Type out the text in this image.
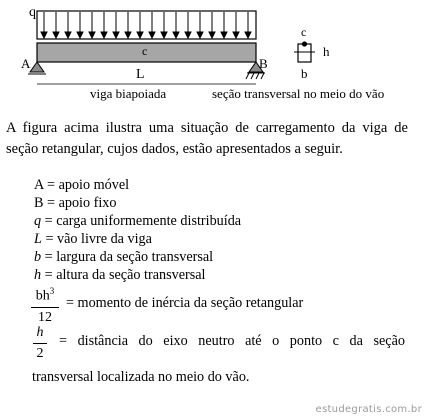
q
c
A	B
L
c
h
b
viga biapoiada	seção transversal no meio do vão
A figura acima ilustra uma situação de carregamento da viga de seção retangular, cujos dados, estão apresentados a seguir.
A = apoio móvel
B = apoio fixo
q = carga uniformemente distribuída
L = vão livre da viga
b = largura da seção transversal
h = altura da seção transversal
$bh^3$
12
= momento de inércia da seção retangular
h
2
= distância do eixo neutro até o ponto c da seção
transversal localizada no meio do vão.
estudegratis.com.br
